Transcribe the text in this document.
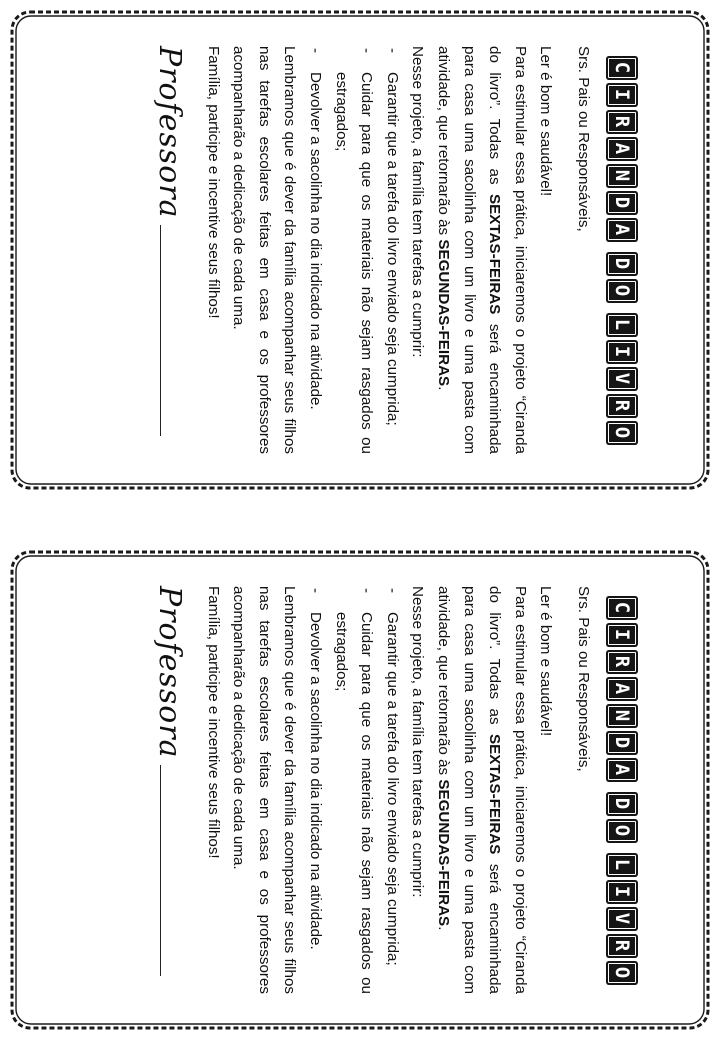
C
I
R
A
N
D
A
D
O
L
I
V
R
O

Srs. Pais ou Responsáveis,

Ler é bom e saudável!

Para estimular essa prática, iniciaremos o projeto “Ciranda do livro”. Todas as SEXTAS-FEIRAS será encaminhada para casa uma sacolinha com um livro e uma pasta com atividade, que retornarão às SEGUNDAS-FEIRAS.

Nesse projeto, a família tem tarefas a cumprir:

-
Garantir que a tarefa do livro enviado seja cumprida;
-
Cuidar para que os materiais não sejam rasgados ou estragados;
-
Devolver a sacolinha no dia indicado na atividade.

Lembramos que é dever da família acompanhar seus filhos nas tarefas escolares feitas em casa e os professores acompanharão a dedicação de cada uma.

Família, participe e incentive seus filhos!

Professora
C
I
R
A
N
D
A
D
O
L
I
V
R
O

Srs. Pais ou Responsáveis,

Ler é bom e saudável!

Para estimular essa prática, iniciaremos o projeto “Ciranda do livro”. Todas as SEXTAS-FEIRAS será encaminhada para casa uma sacolinha com um livro e uma pasta com atividade, que retornarão às SEGUNDAS-FEIRAS.

Nesse projeto, a família tem tarefas a cumprir:

-
Garantir que a tarefa do livro enviado seja cumprida;
-
Cuidar para que os materiais não sejam rasgados ou estragados;
-
Devolver a sacolinha no dia indicado na atividade.

Lembramos que é dever da família acompanhar seus filhos nas tarefas escolares feitas em casa e os professores acompanharão a dedicação de cada uma.

Família, participe e incentive seus filhos!

Professora
